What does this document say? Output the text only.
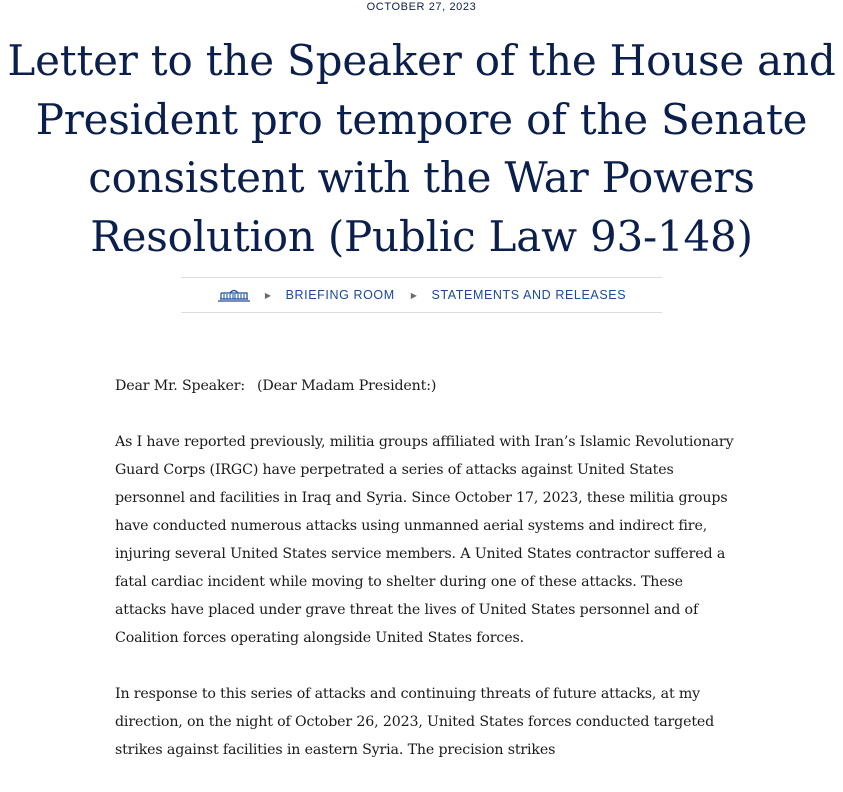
OCTOBER 27, 2023
Letter to the Speaker of the House and President pro tempore of the Senate consistent with the War Powers Resolution (Public Law 93-148)
▶ BRIEFING ROOM ▶ STATEMENTS AND RELEASES

Dear Mr. Speaker: (Dear Madam President:)

As I have reported previously, militia groups affiliated with Iran’s Islamic Revolutionary Guard Corps (IRGC) have perpetrated a series of attacks against United States personnel and facilities in Iraq and Syria. Since October 17, 2023, these militia groups have conducted numerous attacks using unmanned aerial systems and indirect fire, injuring several United States service members. A United States contractor suffered a fatal cardiac incident while moving to shelter during one of these attacks. These attacks have placed under grave threat the lives of United States personnel and of Coalition forces operating alongside United States forces.

In response to this series of attacks and continuing threats of future attacks, at my direction, on the night of October 26, 2023, United States forces conducted targeted strikes against facilities in eastern Syria. The precision strikes
